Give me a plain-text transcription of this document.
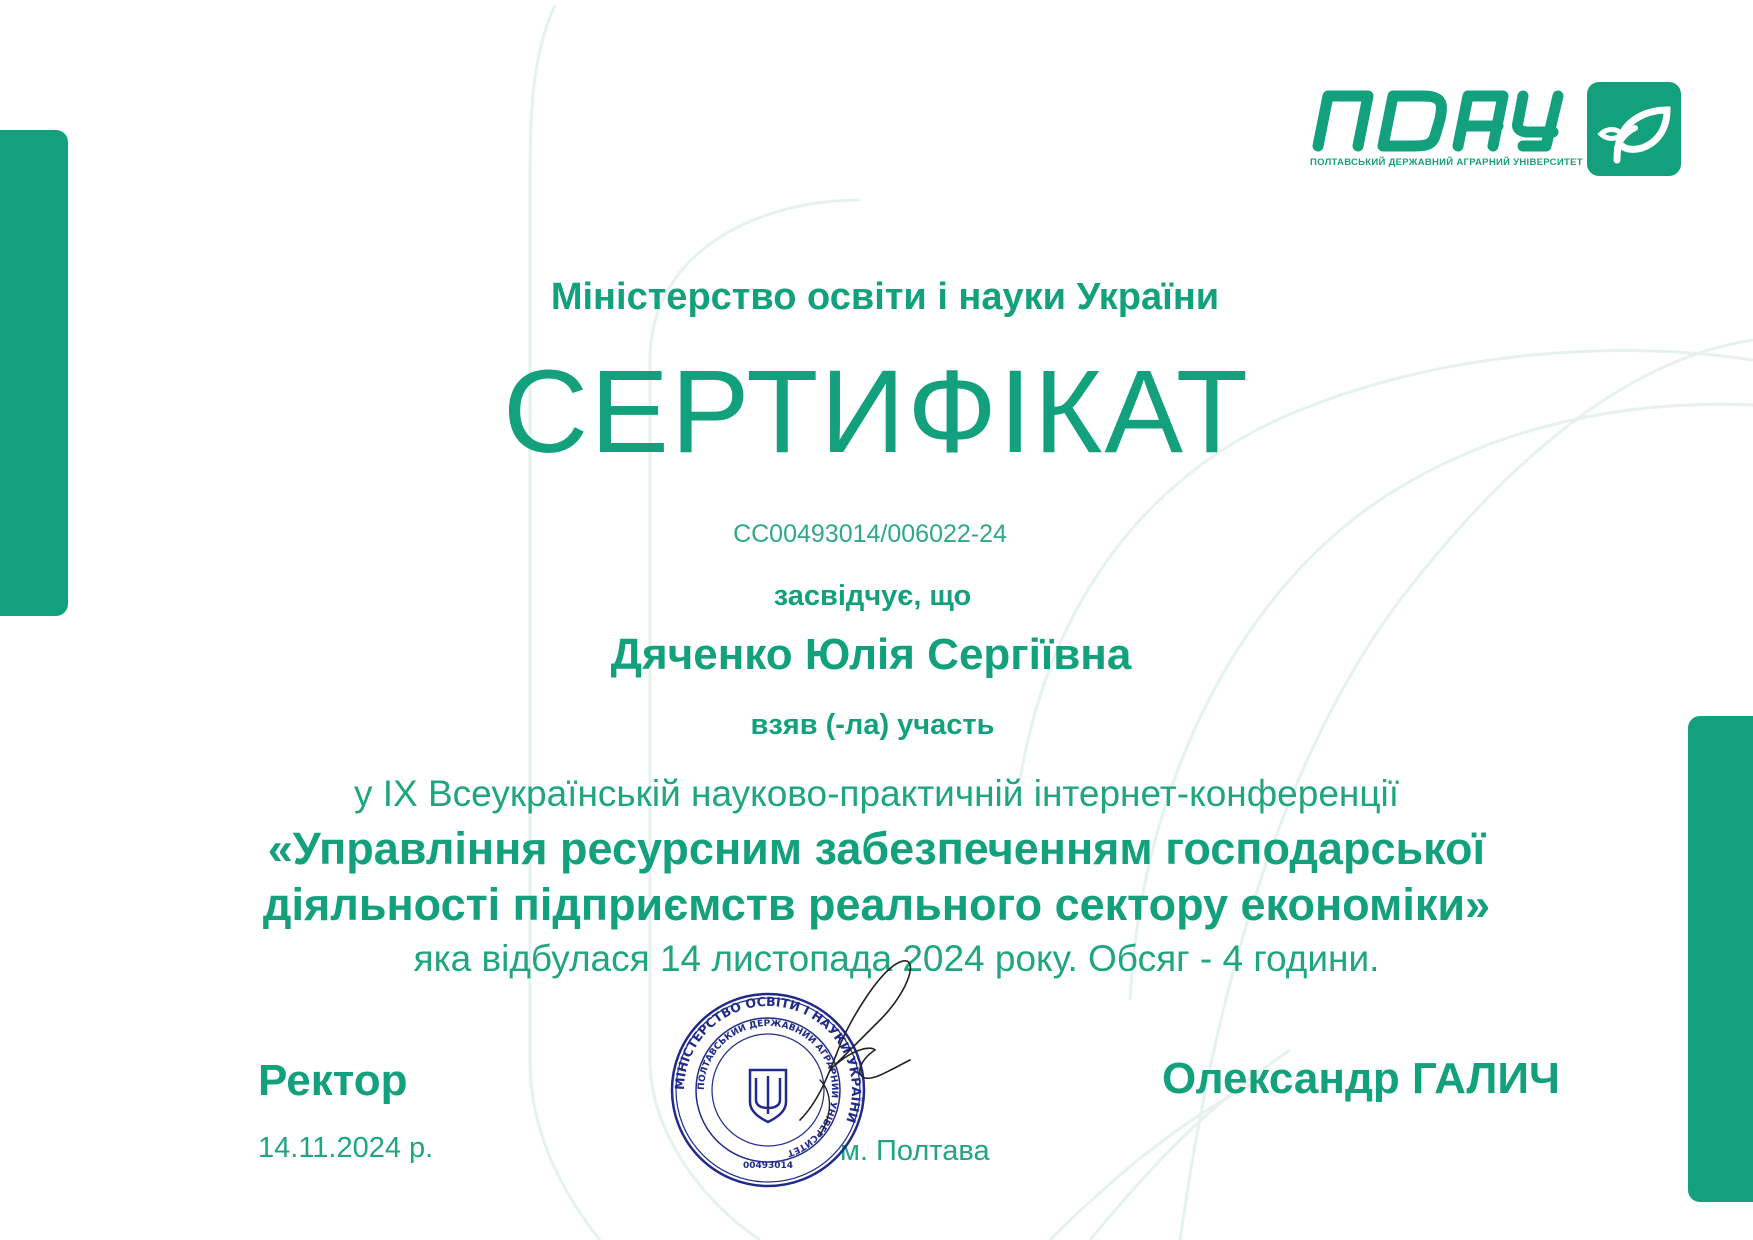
ПОЛТАВСЬКИЙ ДЕРЖАВНИЙ АГРАРНИЙ УНІВЕРСИТЕТ
Міністерство освіти і науки України
СЕРТИФІКАТ
СС00493014/006022-24
засвідчує, що
Дяченко Юлія Сергіївна
взяв (-ла) участь
у ІХ Всеукраїнській науково-практичній інтернет-конференції
«Управління ресурсним забезпеченням господарської
діяльності підприємств реального сектору економіки»
яка відбулася 14 листопада 2024 року. Обсяг - 4 години.
Ректор
14.11.2024 р.	м. Полтава
Олександр ГАЛИЧ
МІНІСТЕРСТВО ОСВІТИ І НАУКИ УКРАЇНИ
ПОЛТАВСЬКИЙ ДЕРЖАВНИЙ АГРАРНИЙ УНІВЕРСИТЕТ
00493014
